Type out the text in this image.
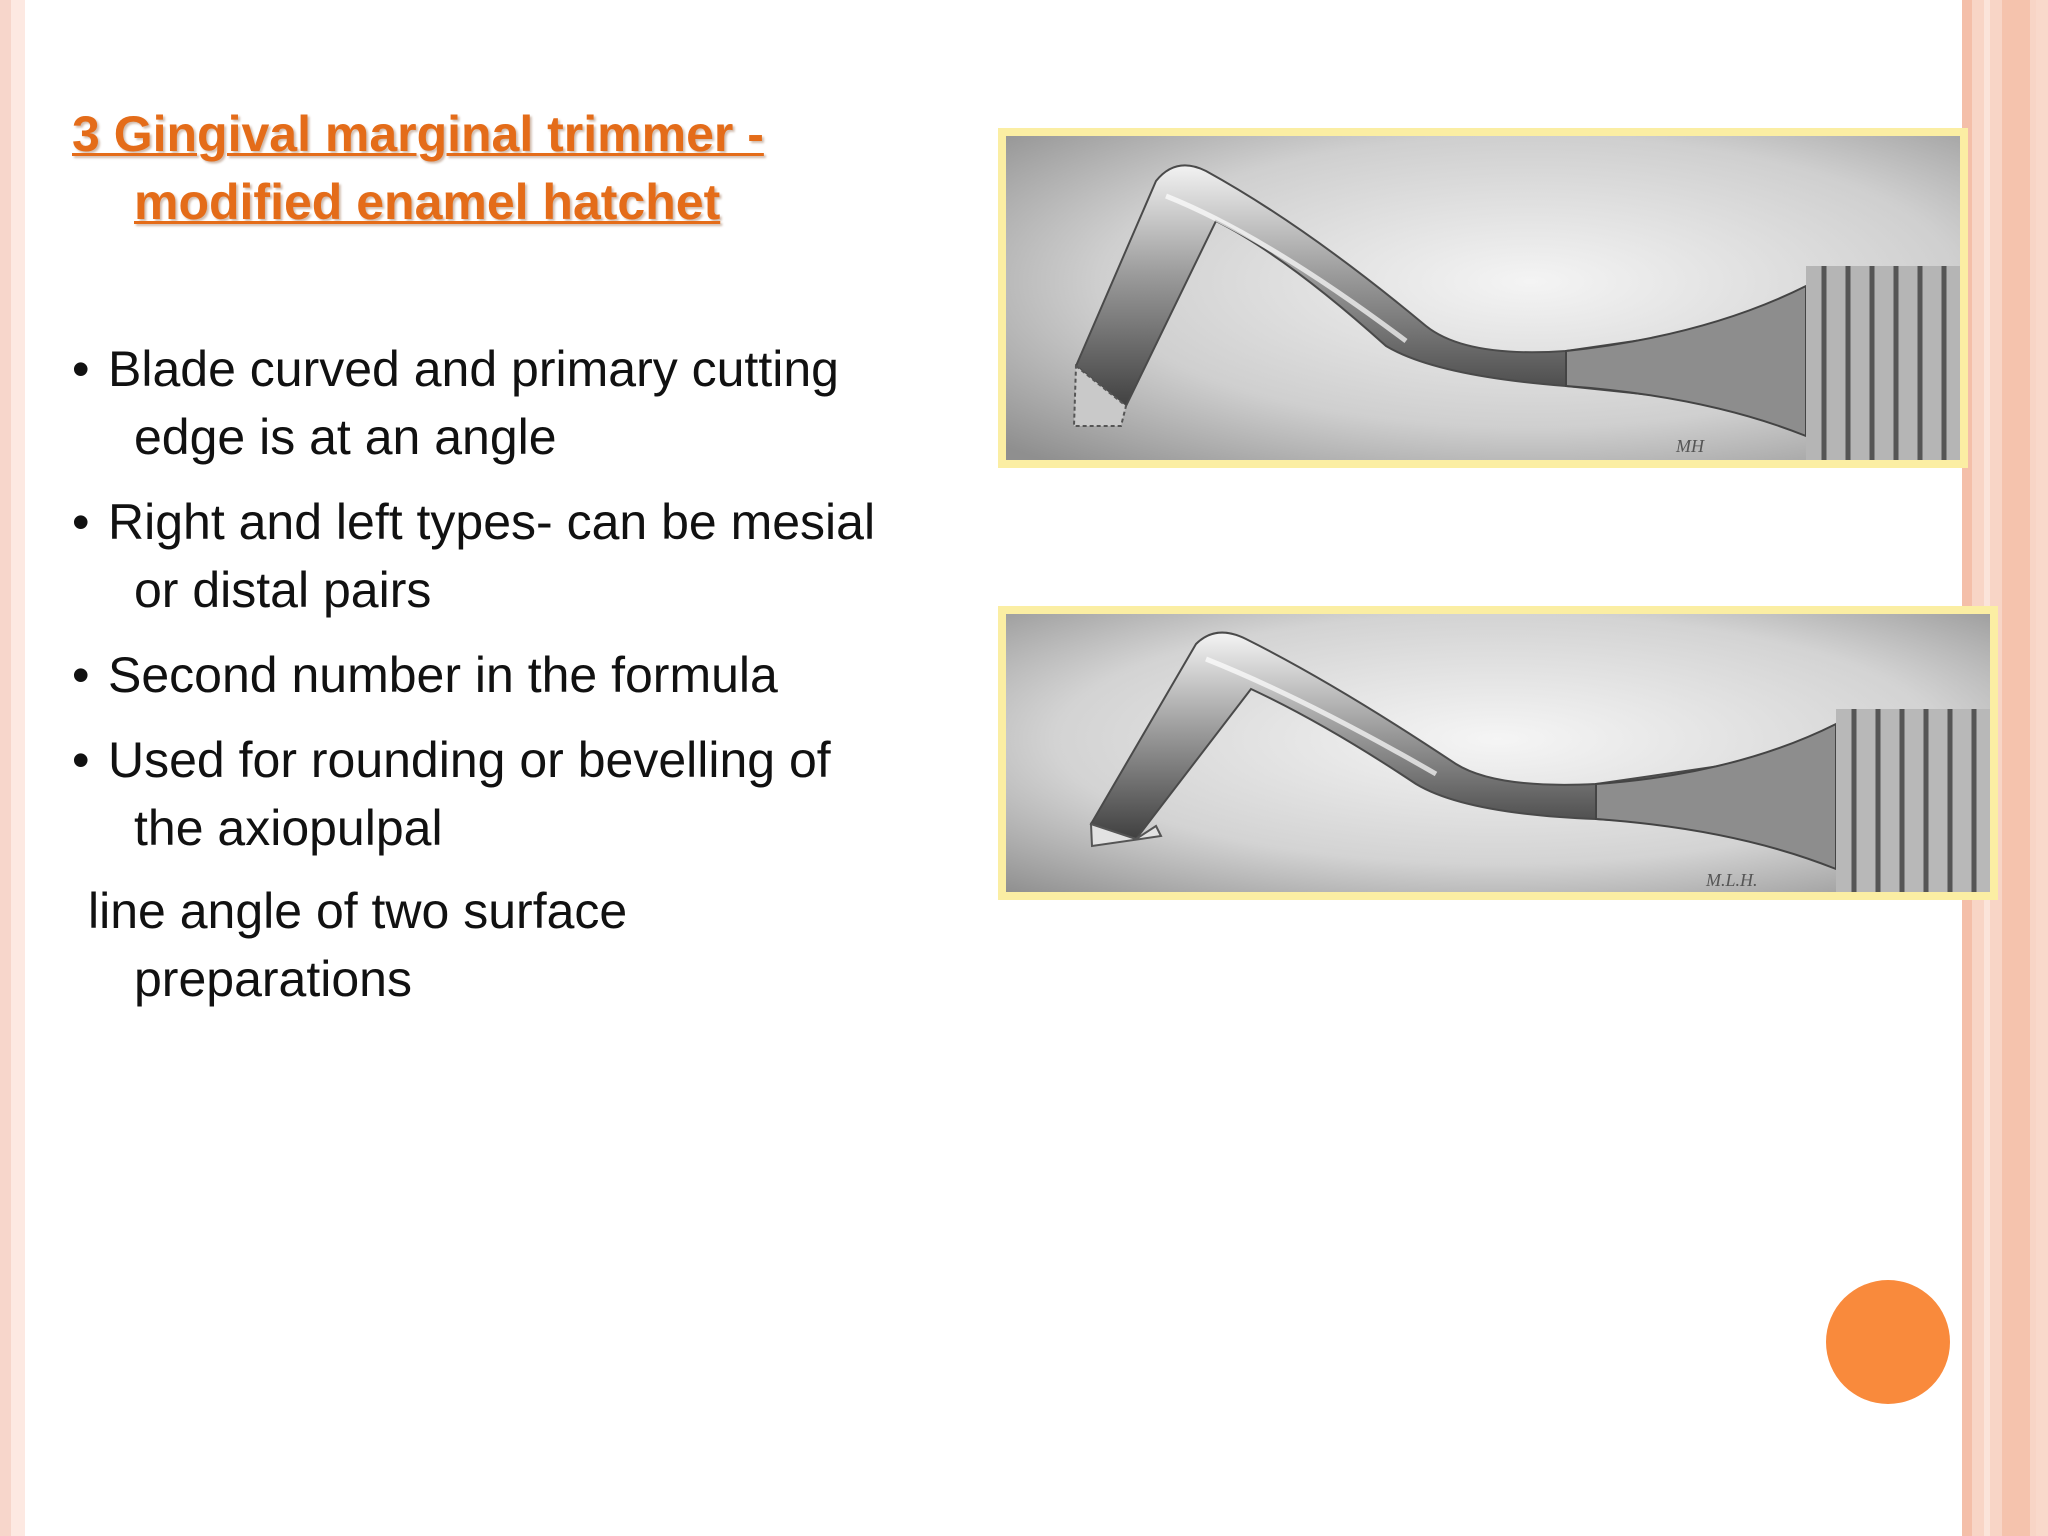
3 Gingival marginal trimmer -
modified enamel hatchet

• Blade curved and primary cutting edge is at an angle

• Right and left types- can be mesial or distal pairs

• Second number in the formula

• Used for rounding or bevelling of the axiopulpal

line angle of two surface preparations

MH
M.L.H.
